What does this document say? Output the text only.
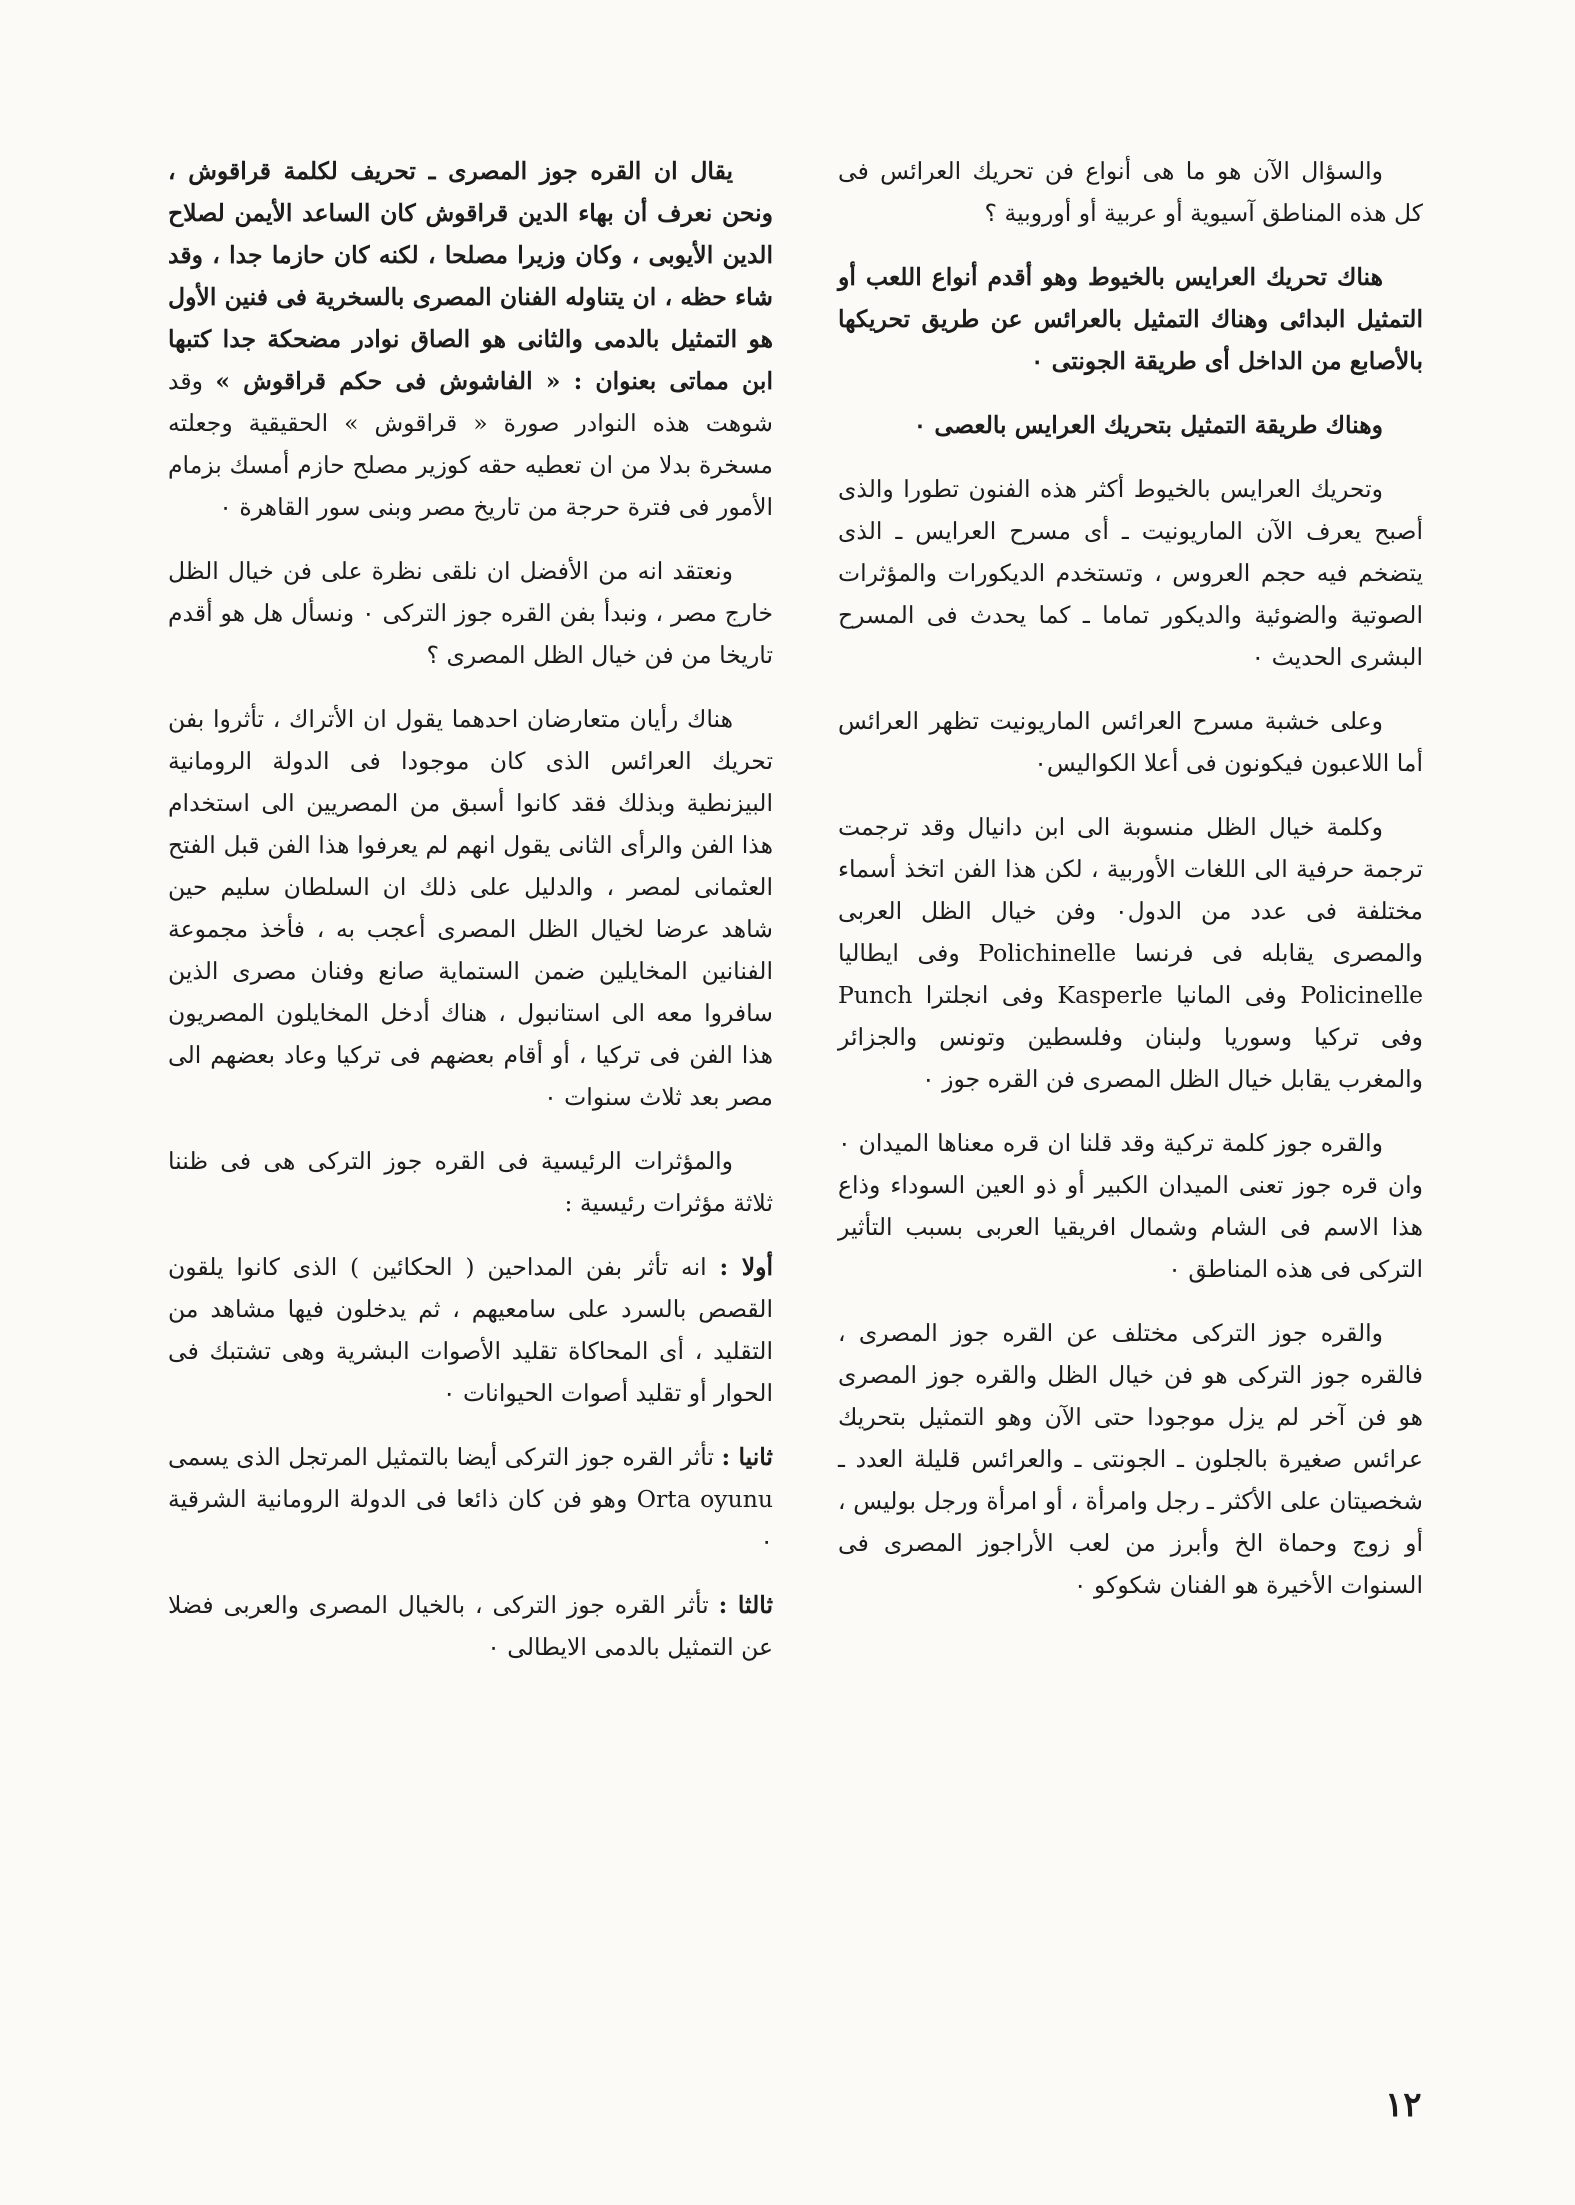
والسؤال الآن هو ما هى أنواع فن تحريك العرائس فى كل هذه المناطق آسيوية أو عربية أو أوروبية ؟

هناك تحريك العرايس بالخيوط وهو أقدم أنواع اللعب أو التمثيل البدائى وهناك التمثيل بالعرائس عن طريق تحريكها بالأصابع من الداخل أى طريقة الجونتى ٠

وهناك طريقة التمثيل بتحريك العرايس بالعصى ٠

وتحريك العرايس بالخيوط أكثر هذه الفنون تطورا والذى أصبح يعرف الآن الماريونيت ـ أى مسرح العرايس ـ الذى يتضخم فيه حجم العروس ، وتستخدم الديكورات والمؤثرات الصوتية والضوئية والديكور تماما ـ كما يحدث فى المسرح البشرى الحديث ٠

وعلى خشبة مسرح العرائس الماريونيت تظهر العرائس أما اللاعبون فيكونون فى أعلا الكواليس٠

وكلمة خيال الظل منسوبة الى ابن دانيال وقد ترجمت ترجمة حرفية الى اللغات الأوربية ، لكن هذا الفن اتخذ أسماء مختلفة فى عدد من الدول٠ وفن خيال الظل العربى والمصرى يقابله فى فرنسا Polichinelle وفى ايطاليا Policinelle وفى المانيا Kasperle وفى انجلترا Punch وفى تركيا وسوريا ولبنان وفلسطين وتونس والجزائر والمغرب يقابل خيال الظل المصرى فن القره جوز ٠

والقره جوز كلمة تركية وقد قلنا ان قره معناها الميدان ٠ وان قره جوز تعنى الميدان الكبير أو ذو العين السوداء وذاع هذا الاسم فى الشام وشمال افريقيا العربى بسبب التأثير التركى فى هذه المناطق ٠

والقره جوز التركى مختلف عن القره جوز المصرى ، فالقره جوز التركى هو فن خيال الظل والقره جوز المصرى هو فن آخر لم يزل موجودا حتى الآن وهو التمثيل بتحريك عرائس صغيرة بالجلون ـ الجونتى ـ والعرائس قليلة العدد ـ شخصيتان على الأكثر ـ رجل وامرأة ، أو امرأة ورجل بوليس ، أو زوج وحماة الخ وأبرز من لعب الأراجوز المصرى فى السنوات الأخيرة هو الفنان شكوكو ٠

يقال ان القره جوز المصرى ـ تحريف لكلمة قراقوش ، ونحن نعرف أن بهاء الدين قراقوش كان الساعد الأيمن لصلاح الدين الأيوبى ، وكان وزيرا مصلحا ، لكنه كان حازما جدا ، وقد شاء حظه ، ان يتناوله الفنان المصرى بالسخرية فى فنين الأول هو التمثيل بالدمى والثانى هو الصاق نوادر مضحكة جدا كتبها ابن مماتى بعنوان : « الفاشوش فى حكم قراقوش » وقد شوهت هذه النوادر صورة « قراقوش » الحقيقية وجعلته مسخرة بدلا من ان تعطيه حقه كوزير مصلح حازم أمسك بزمام الأمور فى فترة حرجة من تاريخ مصر وبنى سور القاهرة ٠

ونعتقد انه من الأفضل ان نلقى نظرة على فن خيال الظل خارج مصر ، ونبدأ بفن القره جوز التركى ٠ ونسأل هل هو أقدم تاريخا من فن خيال الظل المصرى ؟

هناك رأيان متعارضان احدهما يقول ان الأتراك ، تأثروا بفن تحريك العرائس الذى كان موجودا فى الدولة الرومانية البيزنطية وبذلك فقد كانوا أسبق من المصريين الى استخدام هذا الفن والرأى الثانى يقول انهم لم يعرفوا هذا الفن قبل الفتح العثمانى لمصر ، والدليل على ذلك ان السلطان سليم حين شاهد عرضا لخيال الظل المصرى أعجب به ، فأخذ مجموعة الفنانين المخايلين ضمن الستماية صانع وفنان مصرى الذين سافروا معه الى استانبول ، هناك أدخل المخايلون المصريون هذا الفن فى تركيا ، أو أقام بعضهم فى تركيا وعاد بعضهم الى مصر بعد ثلاث سنوات ٠

والمؤثرات الرئيسية فى القره جوز التركى هى فى ظننا ثلاثة مؤثرات رئيسية :

أولا : انه تأثر بفن المداحين ( الحكائين ) الذى كانوا يلقون القصص بالسرد على سامعيهم ، ثم يدخلون فيها مشاهد من التقليد ، أى المحاكاة تقليد الأصوات البشرية وهى تشتبك فى الحوار أو تقليد أصوات الحيوانات ٠

ثانيا : تأثر القره جوز التركى أيضا بالتمثيل المرتجل الذى يسمى Orta oyunu وهو فن كان ذائعا فى الدولة الرومانية الشرقية ٠

ثالثا : تأثر القره جوز التركى ، بالخيال المصرى والعربى فضلا عن التمثيل بالدمى الايطالى ٠

١٢
